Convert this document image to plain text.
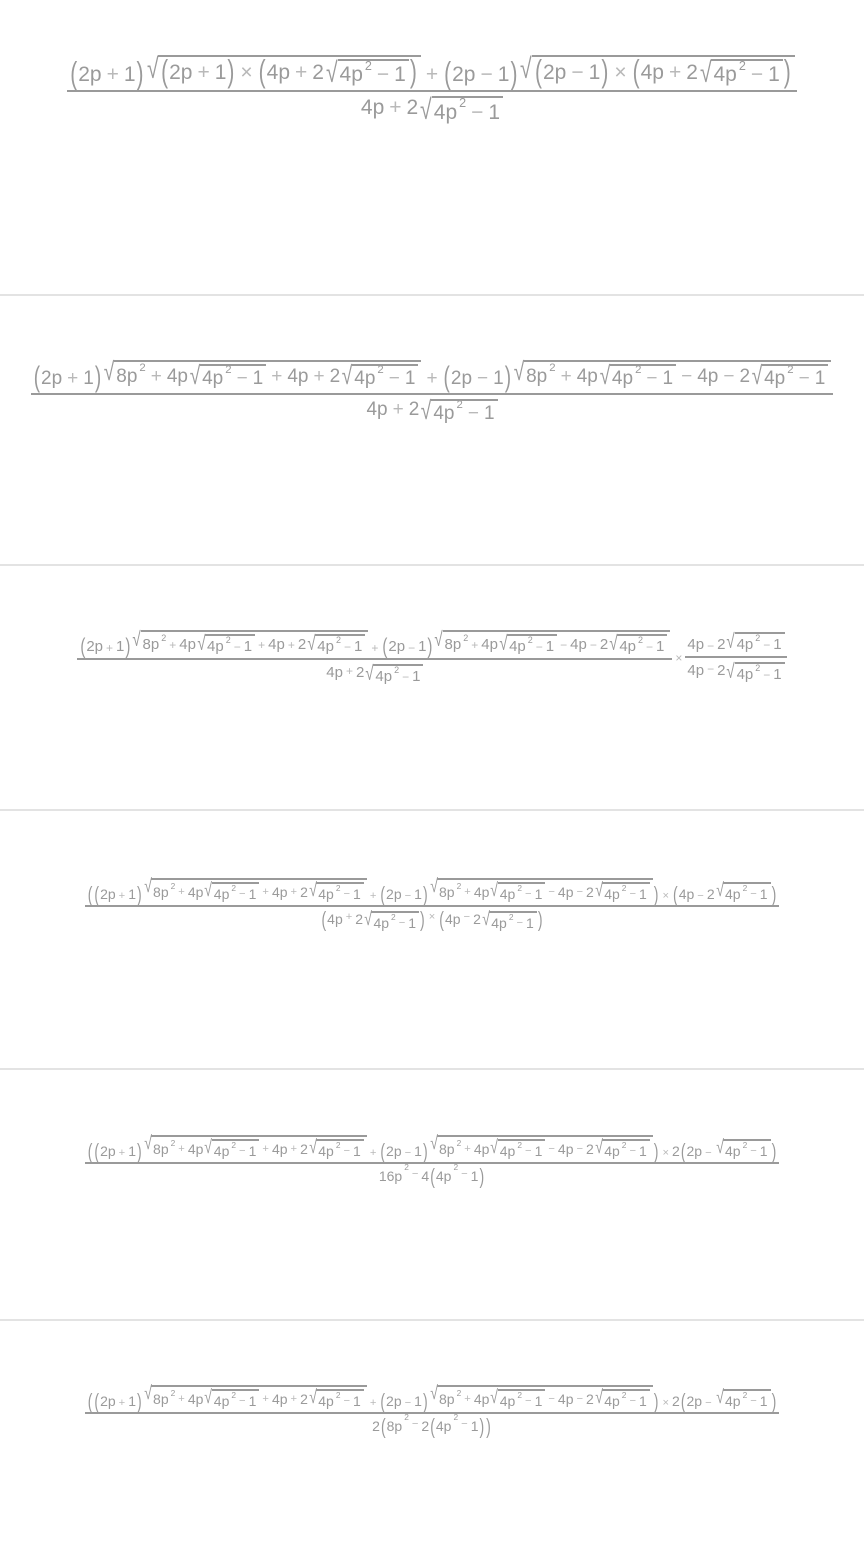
( 2p + 1 ) √ ( 2p + 1 ) × ( 4p + 2 √ 4p 2 − 1 ) + ( 2p − 1 ) √ ( 2p − 1 ) × ( 4p + 2 √ 4p 2 − 1 )
4p + 2 √ 4p 2 − 1
( 2p + 1 ) √ 8p 2 + 4p √ 4p 2 − 1 + 4p + 2 √ 4p 2 − 1 + ( 2p − 1 ) √ 8p 2 + 4p √ 4p 2 − 1 − 4p − 2 √ 4p 2 − 1
4p + 2 √ 4p 2 − 1
( 2p + 1 ) √ 8p 2 + 4p √ 4p 2 − 1 + 4p + 2 √ 4p 2 − 1 + ( 2p − 1 ) √ 8p 2 + 4p √ 4p 2 − 1 − 4p − 2 √ 4p 2 − 1
4p + 2 √ 4p 2 − 1
× $\frac{4p - 2 √ 4p 2 - 1}{4p - 2 √ 4p 2 - 1}$
( ( 2p + 1 ) √ 8p 2
+ 4p √ 4p 2
− 1 + 4p + 2 √ 4p 2
− 1 + ( 2p − 1 ) √ 8p 2
+ 4p √ 4p 2
− 1 − 4p − 2 √ 4p 2
− 1 ) × ( 4p − 2 √ 4p 2
− 1 )
( 4p + 2 √ 4p 2
− 1 ) × ( 4p − 2 √ 4p 2
− 1 )
( ( 2p + 1 ) √ 8p 2
+ 4p √ 4p 2
− 1 + 4p + 2 √ 4p 2
− 1 + ( 2p − 1 ) √ 8p 2
+ 4p √ 4p 2
− 1 − 4p − 2 √ 4p 2
− 1 ) × 2 ( 2p − √ 4p 2
− 1 )
16p
2
− 4 ( 4p
2
− 1 )
( ( 2p + 1 ) √ 8p 2
+ 4p √ 4p 2
− 1 + 4p + 2 √ 4p 2
− 1 + ( 2p − 1 ) √ 8p 2
+ 4p √ 4p 2
− 1 − 4p − 2 √ 4p 2
− 1 ) × 2 ( 2p − √ 4p 2
− 1 )
2 ( 8p
2
− 2 ( 4p
2
− 1 ) )
